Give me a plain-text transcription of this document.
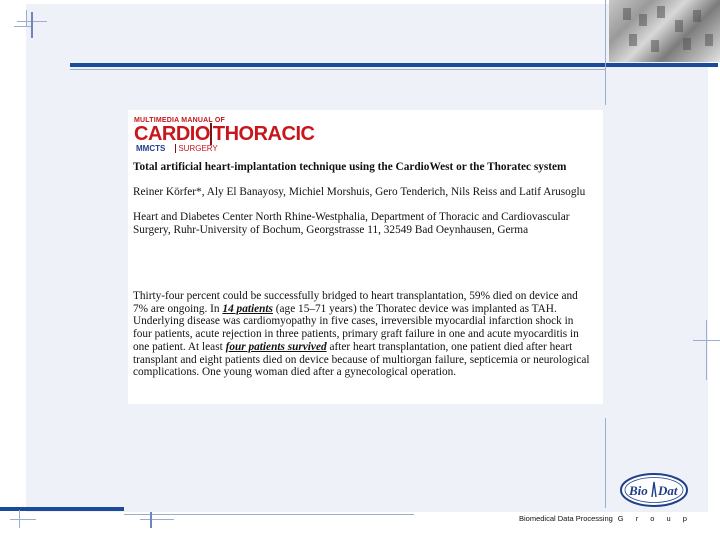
MULTIMEDIA MANUAL OF
CARDIO THORACIC
MMCTS SURGERY
Total artificial heart-implantation technique using the CardioWest or the Thoratec system
Reiner Körfer*, Aly El Banayosy, Michiel Morshuis, Gero Tenderich, Nils Reiss and Latif Arusoglu
Heart and Diabetes Center North Rhine-Westphalia, Department of Thoracic and Cardiovascular Surgery, Ruhr-University of Bochum, Georgstrasse 11, 32549 Bad Oeynhausen, Germa
Thirty-four percent could be successfully bridged to heart transplantation, 59% died on device and 7% are ongoing. In 14 patients (age 15–71 years) the Thoratec device was implanted as TAH. Underlying disease was cardiomyopathy in five cases, irreversible myocardial infarction shock in four patients, acute rejection in three patients, primary graft failure in one and acute myocarditis in one patient. At least four patients survived after heart transplantation, one patient died after heart transplant and eight patients died on device because of multiorgan failure, septicemia or neurological complications. One young woman died after a gynecological operation.
Bio Dat
Biomedical Data Processing G r o u p
